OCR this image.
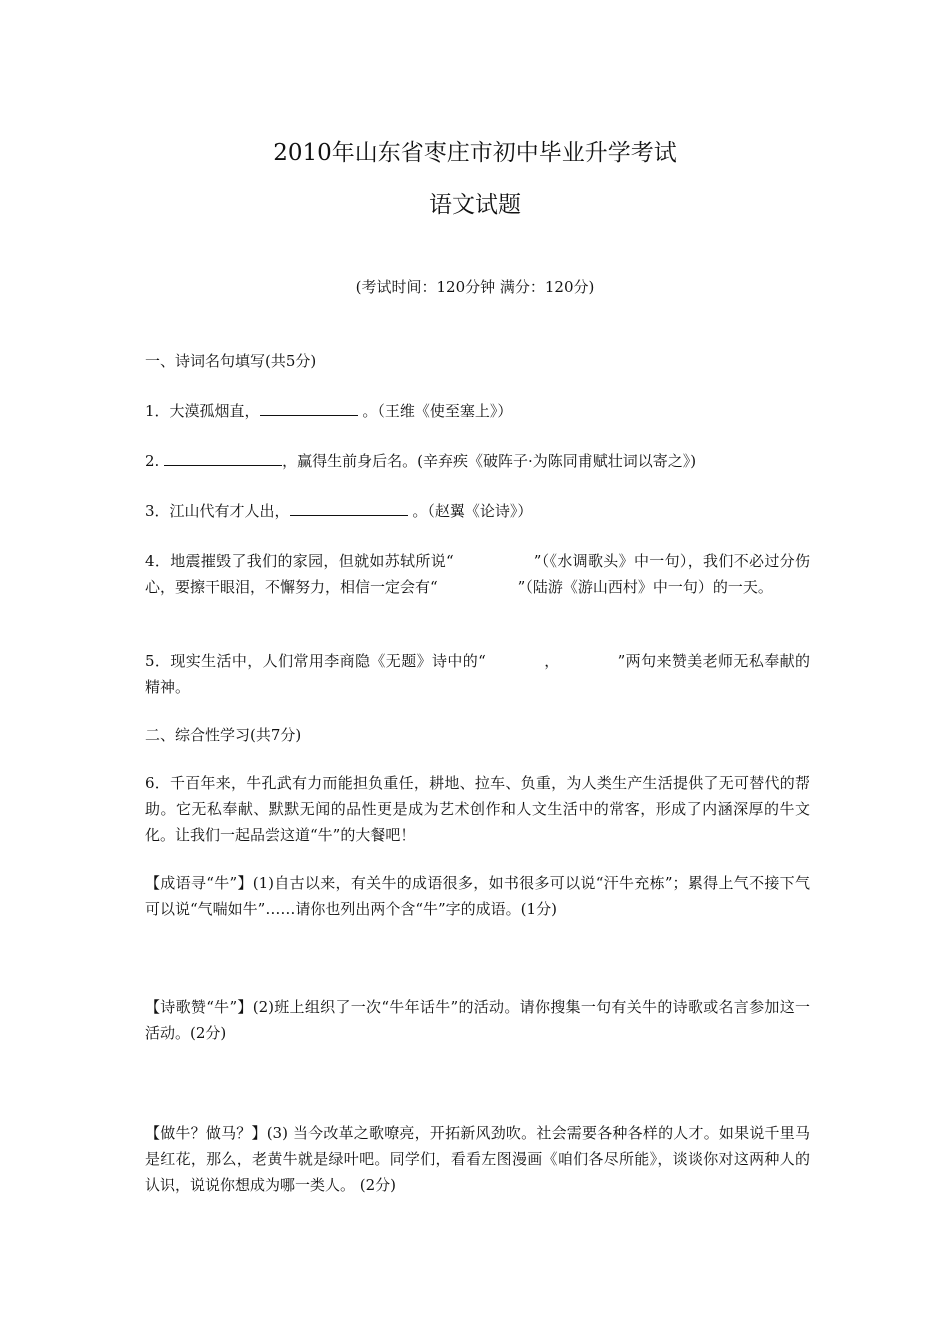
2010年山东省枣庄市初中毕业升学考试
语文试题
(考试时间：120分钟 满分：120分)
一、诗词名句填写(共5分)
1．大漠孤烟直，	。（王维《使至塞上》）
2.	，赢得生前身后名。(辛弃疾《破阵子·为陈同甫赋壮词以寄之》)
3．江山代有才人出，	。（赵翼《论诗》）
4．地震摧毁了我们的家园，但就如苏轼所说“	”（《水调歌头》中一句），我们不必过分伤心，要擦干眼泪，不懈努力，相信一定会有“	”（陆游《游山西村》中一句）的一天。
5．现实生活中，人们常用李商隐《无题》诗中的“	，	”两句来赞美老师无私奉献的精神。
二、综合性学习(共7分)
6．千百年来，牛孔武有力而能担负重任，耕地、拉车、负重，为人类生产生活提供了无可替代的帮助。它无私奉献、默默无闻的品性更是成为艺术创作和人文生活中的常客，形成了内涵深厚的牛文化。让我们一起品尝这道“牛”的大餐吧！
【成语寻“牛”】(1)自古以来，有关牛的成语很多，如书很多可以说“汗牛充栋”；累得上气不接下气可以说“气喘如牛”……请你也列出两个含“牛”字的成语。(1分)
【诗歌赞“牛”】(2)班上组织了一次“牛年话牛”的活动。请你搜集一句有关牛的诗歌或名言参加这一活动。(2分)
【做牛？做马？】(3) 当今改革之歌嘹亮，开拓新风劲吹。社会需要各种各样的人才。如果说千里马是红花，那么，老黄牛就是绿叶吧。同学们，看看左图漫画《咱们各尽所能》，谈谈你对这两种人的认识，说说你想成为哪一类人。 (2分)
